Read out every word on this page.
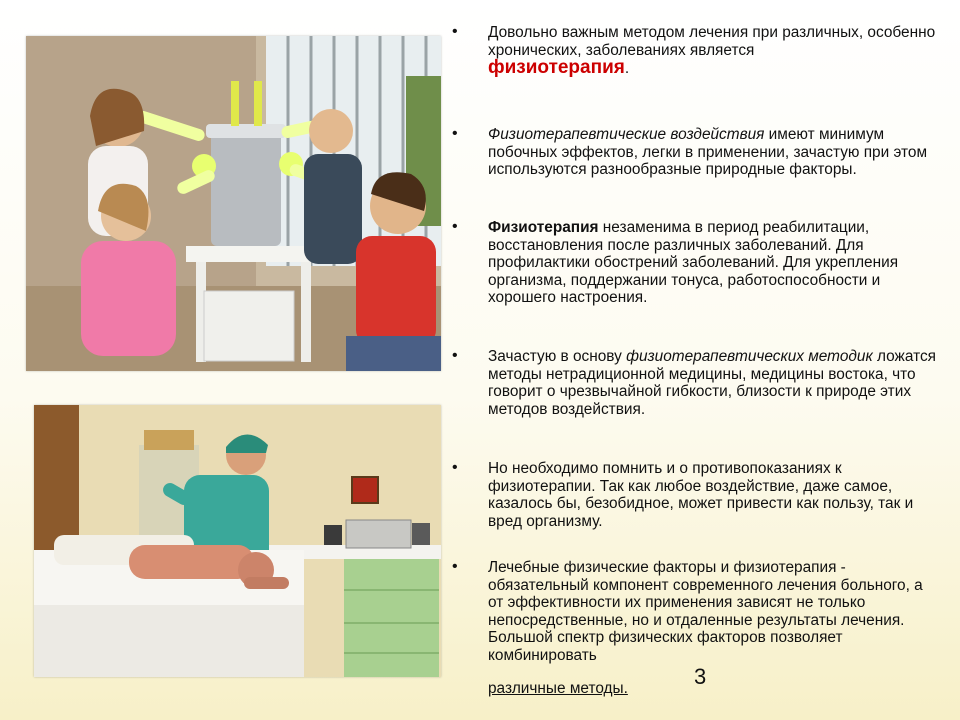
• Довольно важным методом лечения при различных, особенно хронических, заболеваниях является
физиотерапия.
• Физиотерапевтические воздействия имеют минимум побочных эффектов, легки в применении, зачастую при этом используются разнообразные природные факторы.
• Физиотерапия незаменима в период реабилитации, восстановления после различных заболеваний. Для профилактики обострений заболеваний. Для укрепления организма, поддержании тонуса, работоспособности и хорошего настроения.
• Зачастую в основу физиотерапевтических методик ложатся методы нетрадиционной медицины, медицины востока, что говорит о чрезвычайной гибкости, близости к природе этих методов воздействия.
• Но необходимо помнить и о противопоказаниях к физиотерапии. Так как любое воздействие, даже самое, казалось бы, безобидное, может привести как пользу, так и вред организму.
• Лечебные физические факторы и физиотерапия - обязательный компонент современного лечения больного, а от эффективности их применения зависят не только непосредственные, но и отдаленные результаты лечения. Большой спектр физических факторов позволяет комбинировать
различные методы.	3
